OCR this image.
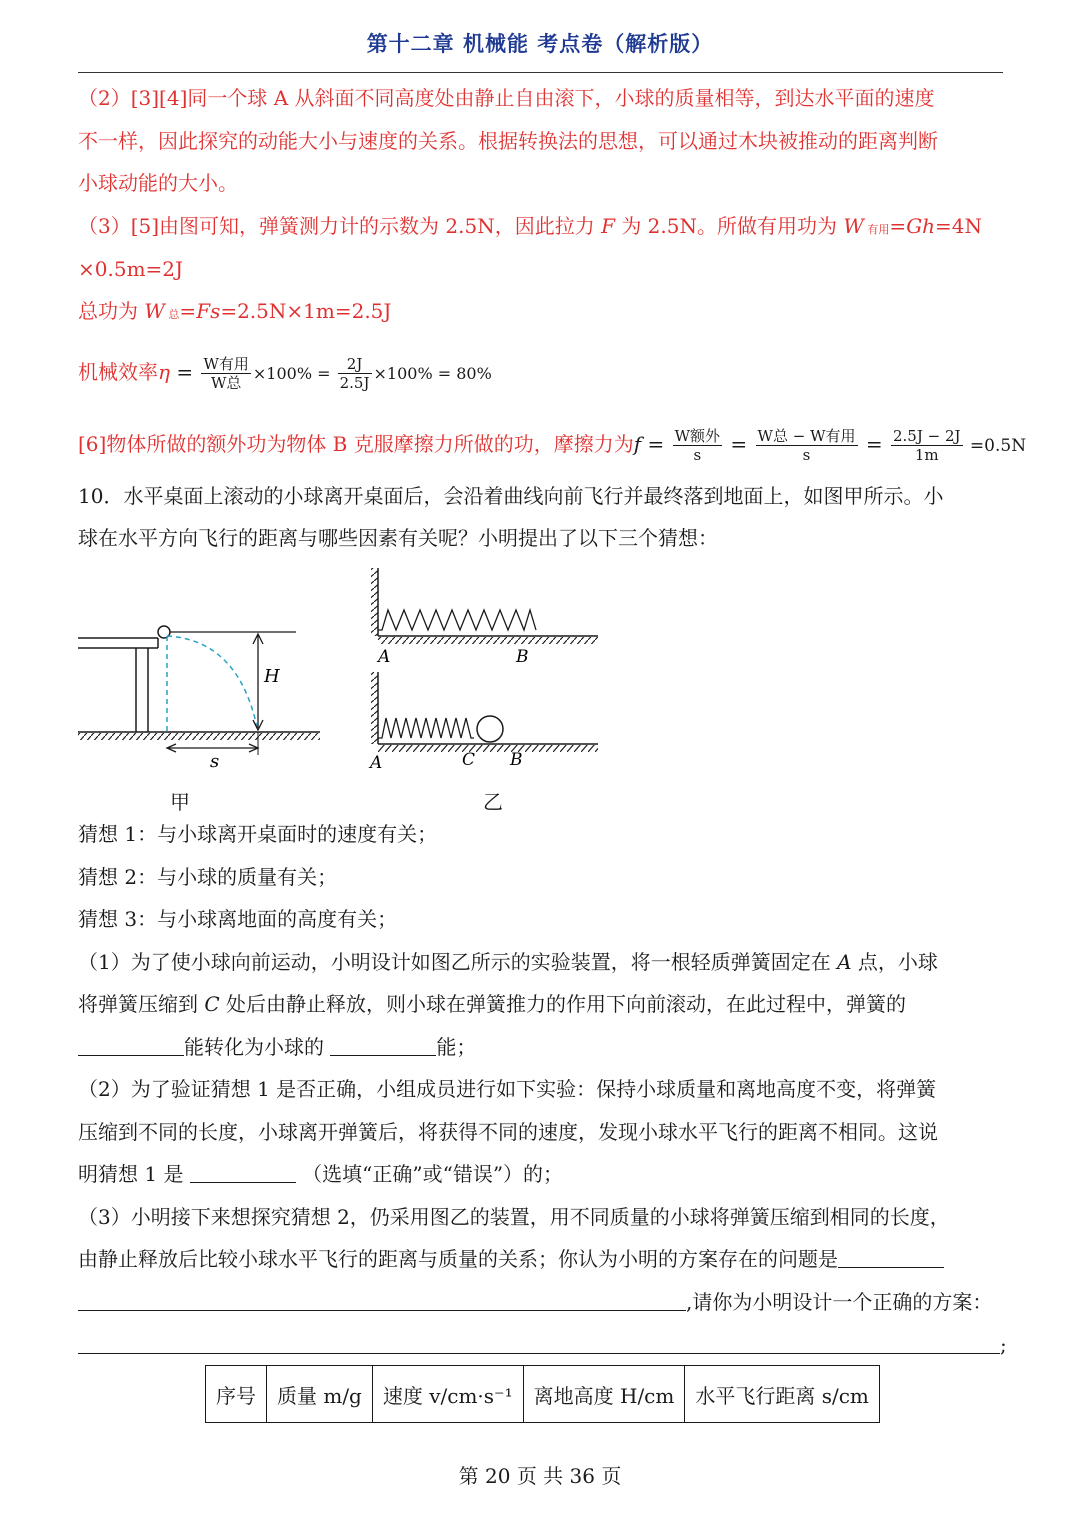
第十二章 机械能 考点卷（解析版）
（2）[3][4]同一个球 A 从斜面不同高度处由静止自由滚下，小球的质量相等，到达水平面的速度
不一样，因此探究的动能大小与速度的关系。根据转换法的思想，可以通过木块被推动的距离判断
小球动能的大小。
（3）[5]由图可知，弹簧测力计的示数为 2.5N，因此拉力 F 为 2.5N。所做有用功为 W 有用=Gh=4N
×0.5m=2J
总功为 W 总=Fs=2.5N×1m=2.5J
机械效率$\eta = \frac{\text{W有用}}{\text{W总}} \times 100\% = \frac{2J}{2.5J} \times 100\% = 80\%$
[6]物体所做的额外功为物体 B 克服摩擦力所做的功，摩擦力为$f = \frac{\text{W额外}}{s} = \frac{\text{W总 − W有用}}{s} = \frac{2.5J - 2J}{1m} =0.5N$
10．水平桌面上滚动的小球离开桌面后，会沿着曲线向前飞行并最终落到地面上，如图甲所示。小
球在水平方向飞行的距离与哪些因素有关呢？小明提出了以下三个猜想：
H
s
A	B
A	C B
甲	乙
猜想 1：与小球离开桌面时的速度有关；
猜想 2：与小球的质量有关；
猜想 3：与小球离地面的高度有关；
（1）为了使小球向前运动，小明设计如图乙所示的实验装置，将一根轻质弹簧固定在 A 点，小球
将弹簧压缩到 C 处后由静止释放，则小球在弹簧推力的作用下向前滚动，在此过程中，弹簧的
能转化为小球的	能；
（2）为了验证猜想 1 是否正确，小组成员进行如下实验：保持小球质量和离地高度不变，将弹簧
压缩到不同的长度，小球离开弹簧后，将获得不同的速度，发现小球水平飞行的距离不相同。这说
明猜想 1 是	（选填“正确”或“错误”）的；
（3）小明接下来想探究猜想 2，仍采用图乙的装置，用不同质量的小球将弹簧压缩到相同的长度，
由静止释放后比较小球水平飞行的距离与质量的关系；你认为小明的方案存在的问题是
,请你为小明设计一个正确的方案：
;
序号	质量 m/g	速度 v/cm·s⁻¹	离地高度 H/cm	水平飞行距离 s/cm
第 20 页 共 36 页
